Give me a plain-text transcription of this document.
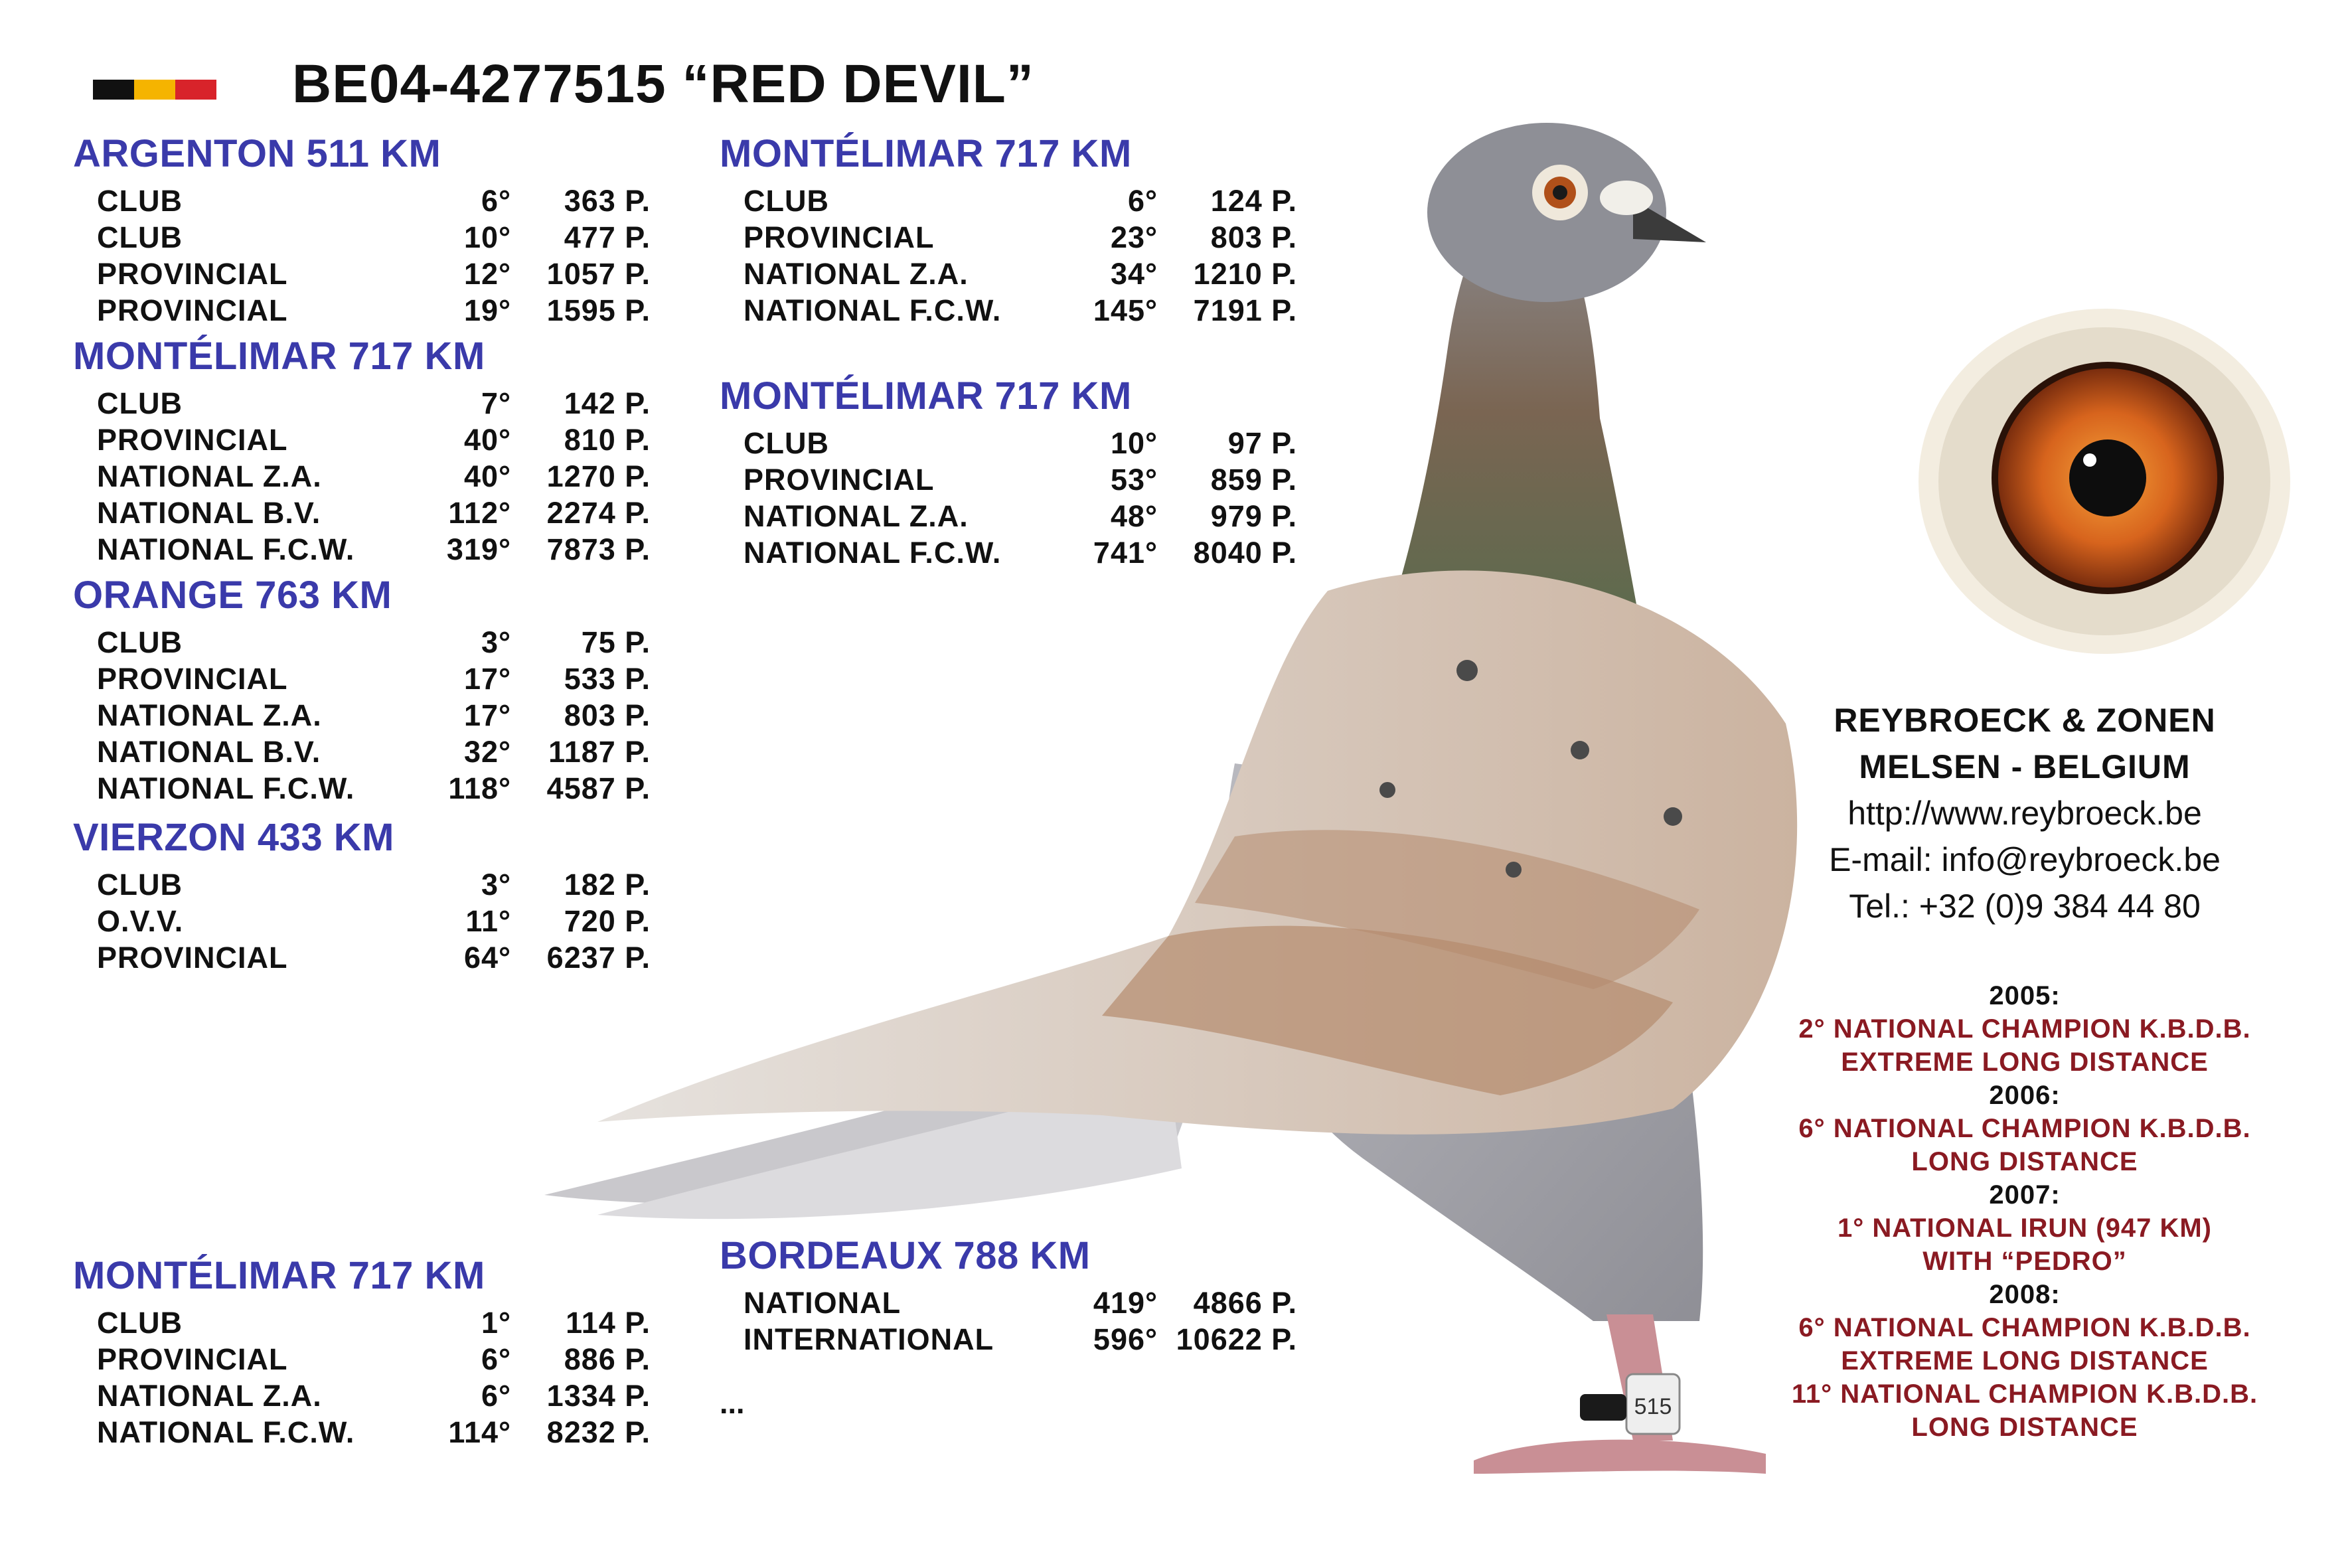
BE04-4277515 “RED DEVIL”
ARGENTON 511 KM
CLUB	6°	363 P.
CLUB	10°	477 P.
PROVINCIAL	12°	1057 P.
PROVINCIAL	19°	1595 P.
MONTÉLIMAR 717 KM
CLUB	7°	142 P.
PROVINCIAL	40°	810 P.
NATIONAL Z.A.	40°	1270 P.
NATIONAL B.V.	112°	2274 P.
NATIONAL F.C.W.	319°	7873 P.
ORANGE 763 KM
CLUB	3°	75 P.
PROVINCIAL	17°	533 P.
NATIONAL Z.A.	17°	803 P.
NATIONAL B.V.	32°	1187 P.
NATIONAL F.C.W.	118°	4587 P.
VIERZON 433 KM
CLUB	3°	182 P.
O.V.V.	11°	720 P.
PROVINCIAL	64°	6237 P.
MONTÉLIMAR 717 KM
CLUB	1°	114 P.
PROVINCIAL	6°	886 P.
NATIONAL Z.A.	6°	1334 P.
NATIONAL F.C.W.	114°	8232 P.
MONTÉLIMAR 717 KM
CLUB	6°	124 P.
PROVINCIAL	23°	803 P.
NATIONAL Z.A.	34°	1210 P.
NATIONAL F.C.W.	145°	7191 P.
MONTÉLIMAR 717 KM
CLUB	10°	97 P.
PROVINCIAL	53°	859 P.
NATIONAL Z.A.	48°	979 P.
NATIONAL F.C.W.	741°	8040 P.
BORDEAUX 788 KM
NATIONAL	419°	4866 P.
INTERNATIONAL	596° 10622 P.
...	515
REYBROECK & ZONEN
MELSEN - BELGIUM
http://www.reybroeck.be
E-mail: info@reybroeck.be
Tel.: +32 (0)9 384 44 80
2005:
2° NATIONAL CHAMPION K.B.D.B.
EXTREME LONG DISTANCE
2006:
6° NATIONAL CHAMPION K.B.D.B.
LONG DISTANCE
2007:
1° NATIONAL IRUN (947 KM)
WITH “PEDRO”
2008:
6° NATIONAL CHAMPION K.B.D.B.
EXTREME LONG DISTANCE
11° NATIONAL CHAMPION K.B.D.B.
LONG DISTANCE
